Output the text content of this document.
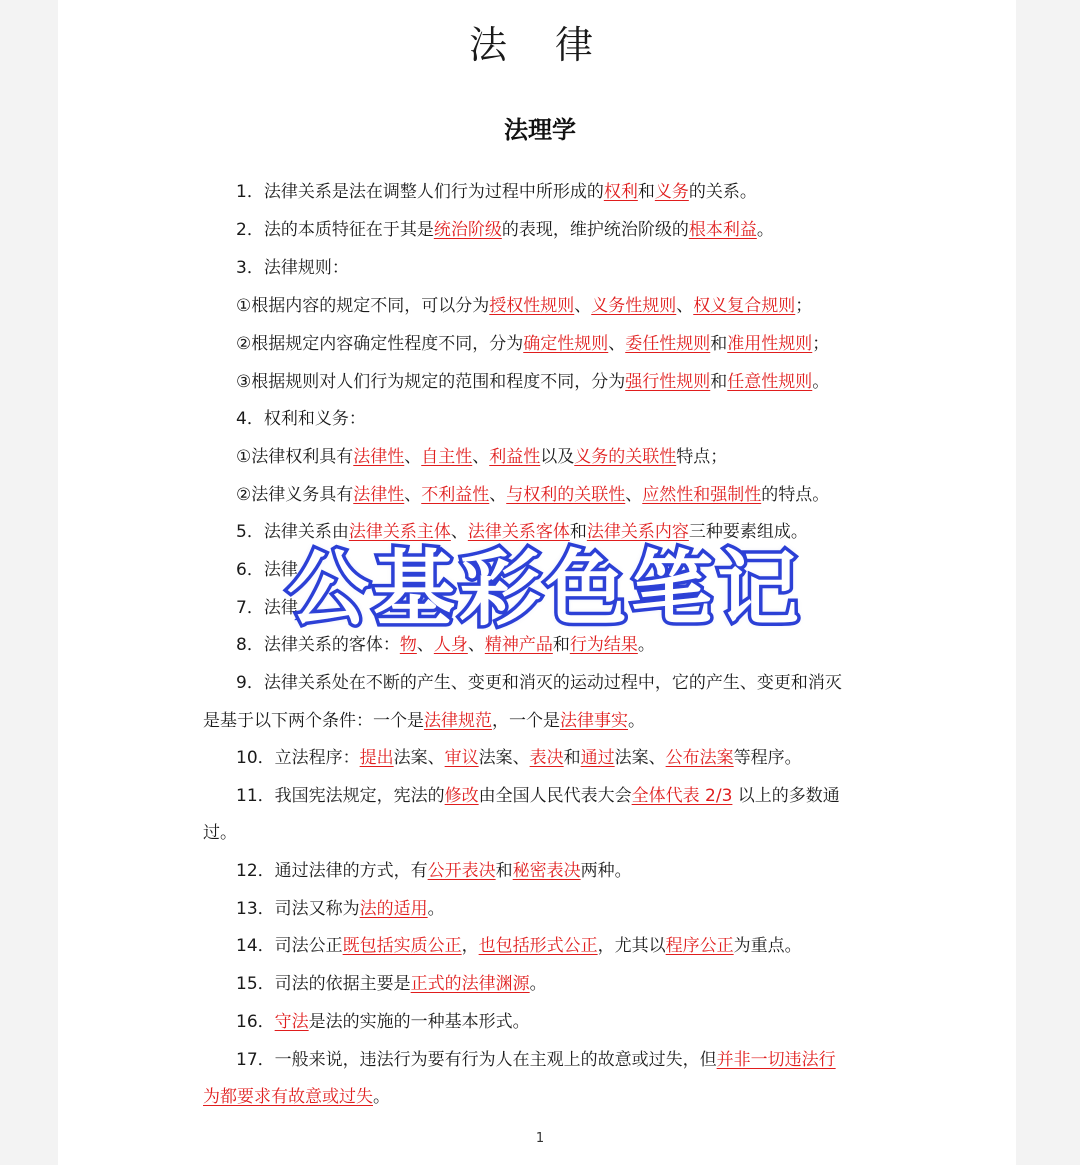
法 律
法理学
1．法律关系是法在调整人们行为过程中所形成的权利和义务的关系。
2．法的本质特征在于其是统治阶级的表现，维护统治阶级的根本利益。
3．法律规则：
①根据内容的规定不同，可以分为授权性规则、义务性规则、权义复合规则；
②根据规定内容确定性程度不同，分为确定性规则、委任性规则和准用性规则；
③根据规则对人们行为规定的范围和程度不同，分为强行性规则和任意性规则。
4．权利和义务：
①法律权利具有法律性、自主性、利益性以及义务的关联性特点；
②法律义务具有法律性、不利益性、与权利的关联性、应然性和强制性的特点。
5．法律关系由法律关系主体、法律关系客体和法律关系内容三种要素组成。
6．法律
7．法律
8．法律关系的客体：物、人身、精神产品和行为结果。
9．法律关系处在不断的产生、变更和消灭的运动过程中，它的产生、变更和消灭
是基于以下两个条件：一个是法律规范，一个是法律事实。
10．立法程序：提出法案、审议法案、表决和通过法案、公布法案等程序。
11．我国宪法规定，宪法的修改由全国人民代表大会全体代表 2/3 以上的多数通
过。
12．通过法律的方式，有公开表决和秘密表决两种。
13．司法又称为法的适用。
14．司法公正既包括实质公正，也包括形式公正，尤其以程序公正为重点。
15．司法的依据主要是正式的法律渊源。
16．守法是法的实施的一种基本形式。
17．一般来说，违法行为要有行为人在主观上的故意或过失，但并非一切违法行
为都要求有故意或过失。
公基彩色笔记
1
